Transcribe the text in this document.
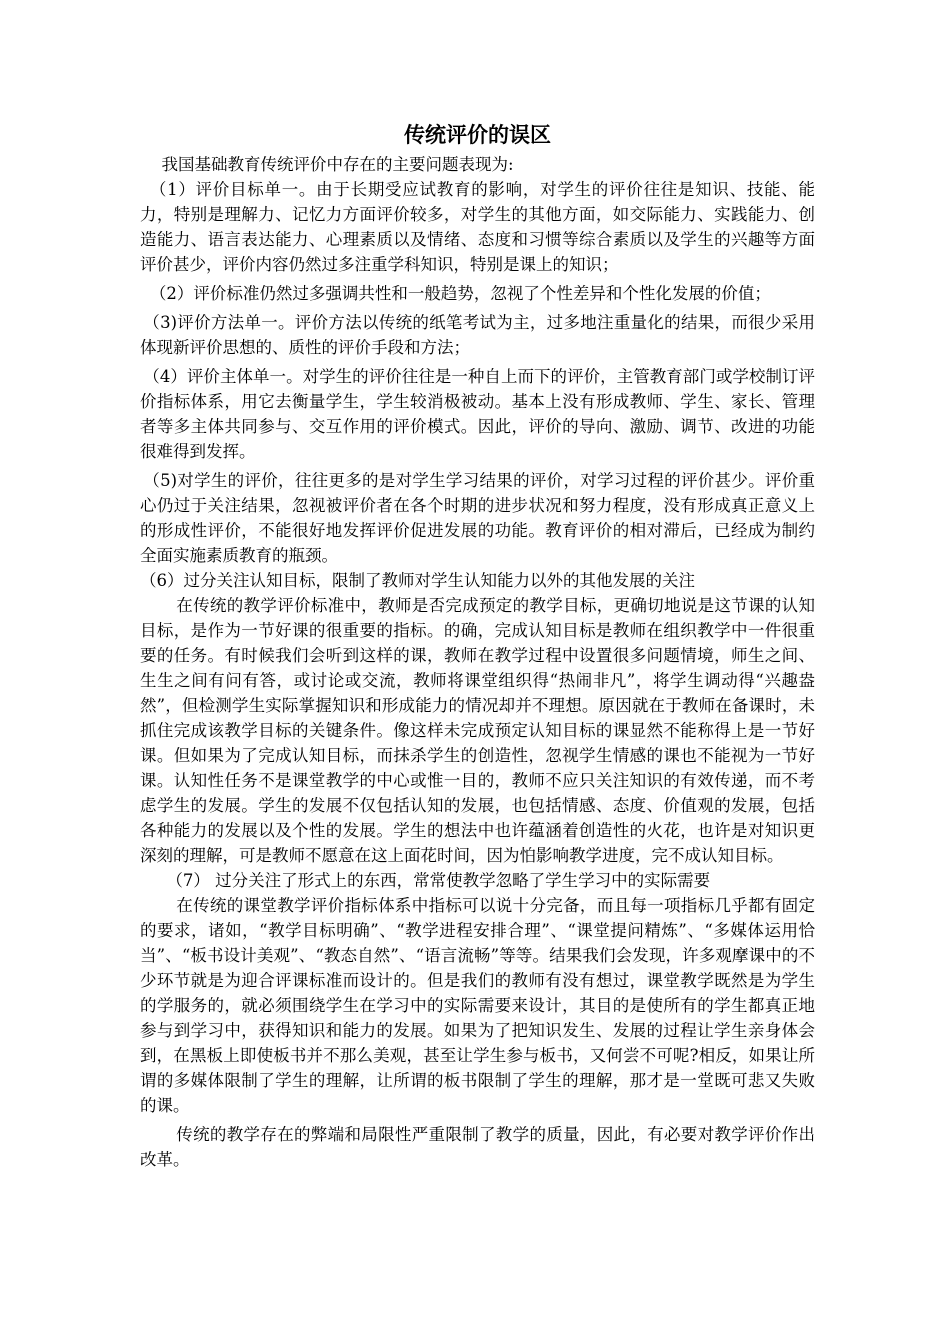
传统评价的误区

我国基础教育传统评价中存在的主要问题表现为:

（1）评价目标单一。由于长期受应试教育的影响，对学生的评价往往是知识、技能、能力，特别是理解力、记忆力方面评价较多，对学生的其他方面，如交际能力、实践能力、创造能力、语言表达能力、心理素质以及情绪、态度和习惯等综合素质以及学生的兴趣等方面评价甚少，评价内容仍然过多注重学科知识，特别是课上的知识；

（2）评价标准仍然过多强调共性和一般趋势，忽视了个性差异和个性化发展的价值；

（3)评价方法单一。评价方法以传统的纸笔考试为主，过多地注重量化的结果，而很少采用体现新评价思想的、质性的评价手段和方法；

（4）评价主体单一。对学生的评价往往是一种自上而下的评价，主管教育部门或学校制订评价指标体系，用它去衡量学生，学生较消极被动。基本上没有形成教师、学生、家长、管理者等多主体共同参与、交互作用的评价模式。因此，评价的导向、激励、调节、改进的功能很难得到发挥。

（5)对学生的评价，往往更多的是对学生学习结果的评价，对学习过程的评价甚少。评价重心仍过于关注结果，忽视被评价者在各个时期的进步状况和努力程度，没有形成真正意义上的形成性评价，不能很好地发挥评价促进发展的功能。教育评价的相对滞后，已经成为制约全面实施素质教育的瓶颈。

（6）过分关注认知目标，限制了教师对学生认知能力以外的其他发展的关注

在传统的教学评价标准中，教师是否完成预定的教学目标，更确切地说是这节课的认知目标，是作为一节好课的很重要的指标。的确，完成认知目标是教师在组织教学中一件很重要的任务。有时候我们会听到这样的课，教师在教学过程中设置很多问题情境，师生之间、生生之间有问有答，或讨论或交流，教师将课堂组织得“热闹非凡”，将学生调动得“兴趣盎然”，但检测学生实际掌握知识和形成能力的情况却并不理想。原因就在于教师在备课时，未抓住完成该教学目标的关键条件。像这样未完成预定认知目标的课显然不能称得上是一节好课。但如果为了完成认知目标，而抹杀学生的创造性，忽视学生情感的课也不能视为一节好课。认知性任务不是课堂教学的中心或惟一目的，教师不应只关注知识的有效传递，而不考虑学生的发展。学生的发展不仅包括认知的发展，也包括情感、态度、价值观的发展，包括各种能力的发展以及个性的发展。学生的想法中也许蕴涵着创造性的火花，也许是对知识更深刻的理解，可是教师不愿意在这上面花时间，因为怕影响教学进度，完不成认知目标。

（7） 过分关注了形式上的东西，常常使教学忽略了学生学习中的实际需要

在传统的课堂教学评价指标体系中指标可以说十分完备，而且每一项指标几乎都有固定的要求，诸如，“教学目标明确”、“教学进程安排合理”、“课堂提问精炼”、“多媒体运用恰当”、“板书设计美观”、“教态自然”、“语言流畅”等等。结果我们会发现，许多观摩课中的不少环节就是为迎合评课标准而设计的。但是我们的教师有没有想过，课堂教学既然是为学生的学服务的，就必须围绕学生在学习中的实际需要来设计，其目的是使所有的学生都真正地参与到学习中，获得知识和能力的发展。如果为了把知识发生、发展的过程让学生亲身体会到，在黑板上即使板书并不那么美观，甚至让学生参与板书，又何尝不可呢?相反，如果让所谓的多媒体限制了学生的理解，让所谓的板书限制了学生的理解，那才是一堂既可悲又失败的课。

传统的教学存在的弊端和局限性严重限制了教学的质量，因此，有必要对教学评价作出改革。
